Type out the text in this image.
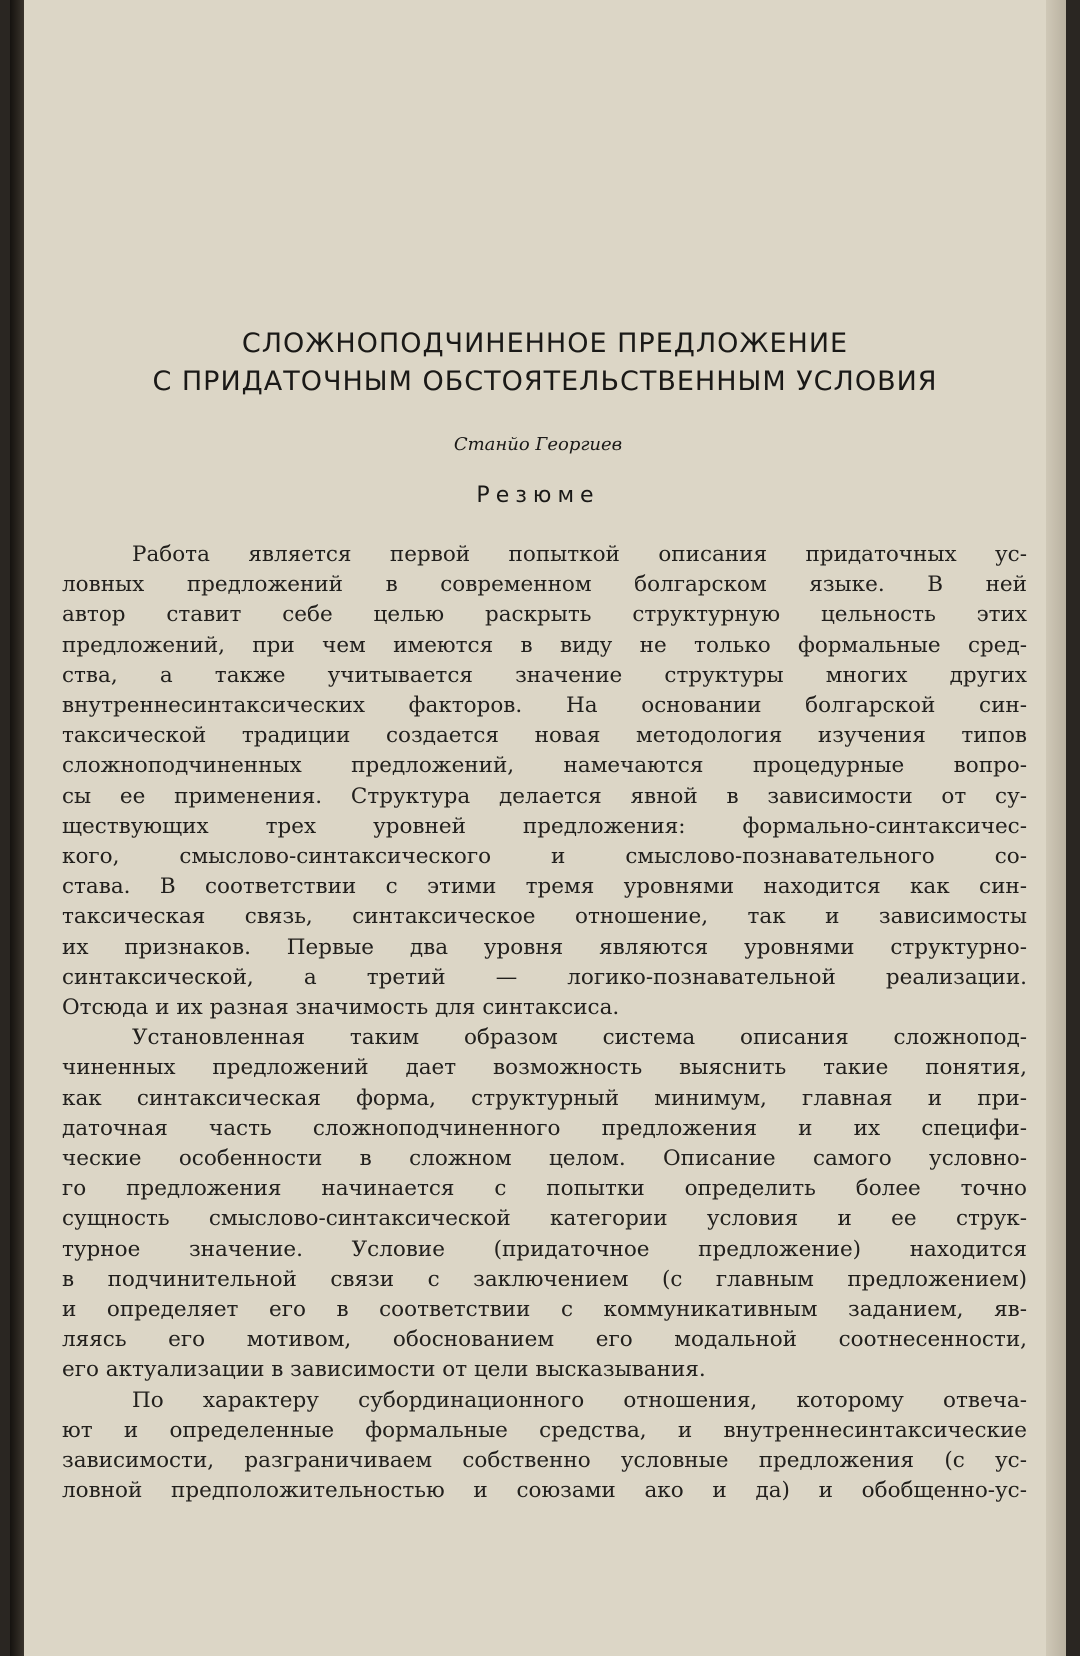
СЛОЖНОПОДЧИНЕННОЕ ПРЕДЛОЖЕНИЕ
С ПРИДАТОЧНЫМ ОБСТОЯТЕЛЬСТВЕННЫМ УСЛОВИЯ
Станйо Георгиев
Резюме
Работа является первой попыткой описания придаточных ус-
ловных предложений в современном болгарском языке. В ней
автор ставит себе целью раскрыть структурную цельность этих
предложений, при чем имеются в виду не только формальные сред-
ства, а также учитывается значение структуры многих других
внутреннесинтаксических факторов. На основании болгарской син-
таксической традиции создается новая методология изучения типов
сложноподчиненных предложений, намечаются процедурные вопро-
сы ее применения. Структура делается явной в зависимости от су-
ществующих трех уровней предложения: формально-синтаксичес-
кого, смыслово-синтаксического и смыслово-познавательного со-
става. В соответствии с этими тремя уровнями находится как син-
таксическая связь, синтаксическое отношение, так и зависимосты
их признаков. Первые два уровня являются уровнями структурно-
синтаксической, а третий — логико-познавательной реализации.
Отсюда и их разная значимость для синтаксиса.
Установленная таким образом система описания сложнопод-
чиненных предложений дает возможность выяснить такие понятия,
как синтаксическая форма, структурный минимум, главная и при-
даточная часть сложноподчиненного предложения и их специфи-
ческие особенности в сложном целом. Описание самого условно-
го предложения начинается с попытки определить более точно
сущность смыслово-синтаксической категории условия и ее струк-
турное значение. Условие (придаточное предложение) находится
в подчинительной связи с заключением (с главным предложением)
и определяет его в соответствии с коммуникативным заданием, яв-
ляясь его мотивом, обоснованием его модальной соотнесенности,
его актуализации в зависимости от цели высказывания.
По характеру субординационного отношения, которому отвеча-
ют и определенные формальные средства, и внутреннесинтаксические
зависимости, разграничиваем собственно условные предложения (с ус-
ловной предположительностью и союзами ако и да) и обобщенно-ус-
